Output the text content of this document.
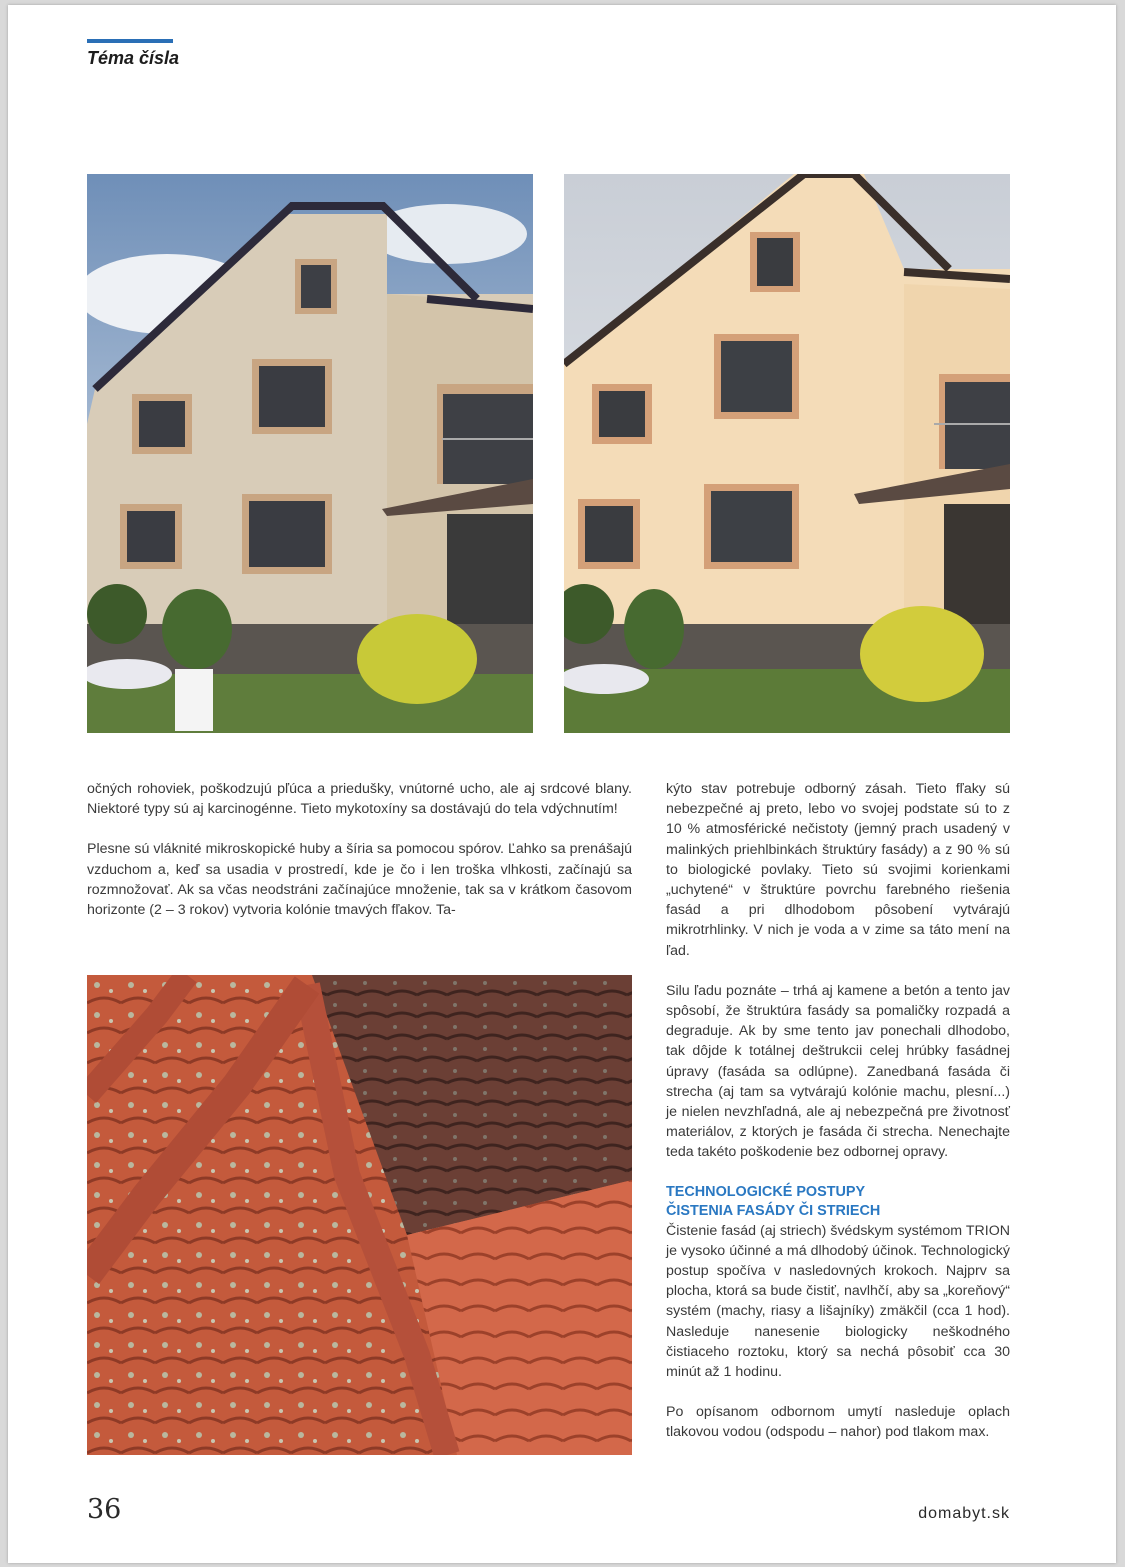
Téma čísla

očných rohoviek, poškodzujú pľúca a priedušky, vnútorné ucho, ale aj srdcové blany. Niektoré typy sú aj karcinogénne. Tieto mykotoxíny sa dostávajú do tela vdýchnutím!

Plesne sú vláknité mikroskopické huby a šíria sa pomocou spórov. Ľahko sa prenášajú vzduchom a, keď sa usadia v prostredí, kde je čo i len troška vlhkosti, začínajú sa rozmnožovať. Ak sa včas neodstráni začínajúce množenie, tak sa v krátkom časovom horizonte (2 – 3 rokov) vytvoria kolónie tmavých fľakov. Ta-

kýto stav potrebuje odborný zásah. Tieto fľaky sú nebezpečné aj preto, lebo vo svojej podstate sú to z 10 % atmosférické nečistoty (jemný prach usadený v malinkých priehlbinkách štruktúry fasády) a z 90 % sú to biologické povlaky. Tieto sú svojimi korienkami „uchytené“ v štruktúre povrchu farebného riešenia fasád a pri dlhodobom pôsobení vytvárajú mikrotrhlinky. V nich je voda a v zime sa táto mení na ľad.

Silu ľadu poznáte – trhá aj kamene a betón a tento jav spôsobí, že štruktúra fasády sa pomaličky rozpadá a degraduje. Ak by sme tento jav ponechali dlhodobo, tak dôjde k totálnej deštrukcii celej hrúbky fasádnej úpravy (fasáda sa odlúpne). Zanedbaná fasáda či strecha (aj tam sa vytvárajú kolónie machu, plesní...) je nielen nevzhľadná, ale aj nebezpečná pre životnosť materiálov, z ktorých je fasáda či strecha. Nenechajte teda takéto poškodenie bez odbornej opravy.

TECHNOLOGICKÉ POSTUPY
ČISTENIA FASÁDY ČI STRIECH

Čistenie fasád (aj striech) švédskym systémom TRION je vysoko účinné a má dlhodobý účinok. Technologický postup spočíva v nasledovných krokoch. Najprv sa plocha, ktorá sa bude čistiť, navlhčí, aby sa „koreňový“ systém (machy, riasy a lišajníky) zmäkčil (cca 1 hod). Nasleduje nanesenie biologicky neškodného čistiaceho roztoku, ktorý sa nechá pôsobiť cca 30 minút až 1 hodinu.

Po opísanom odbornom umytí nasleduje oplach tlakovou vodou (odspodu – nahor) pod tlakom max.

36	domabyt.sk
